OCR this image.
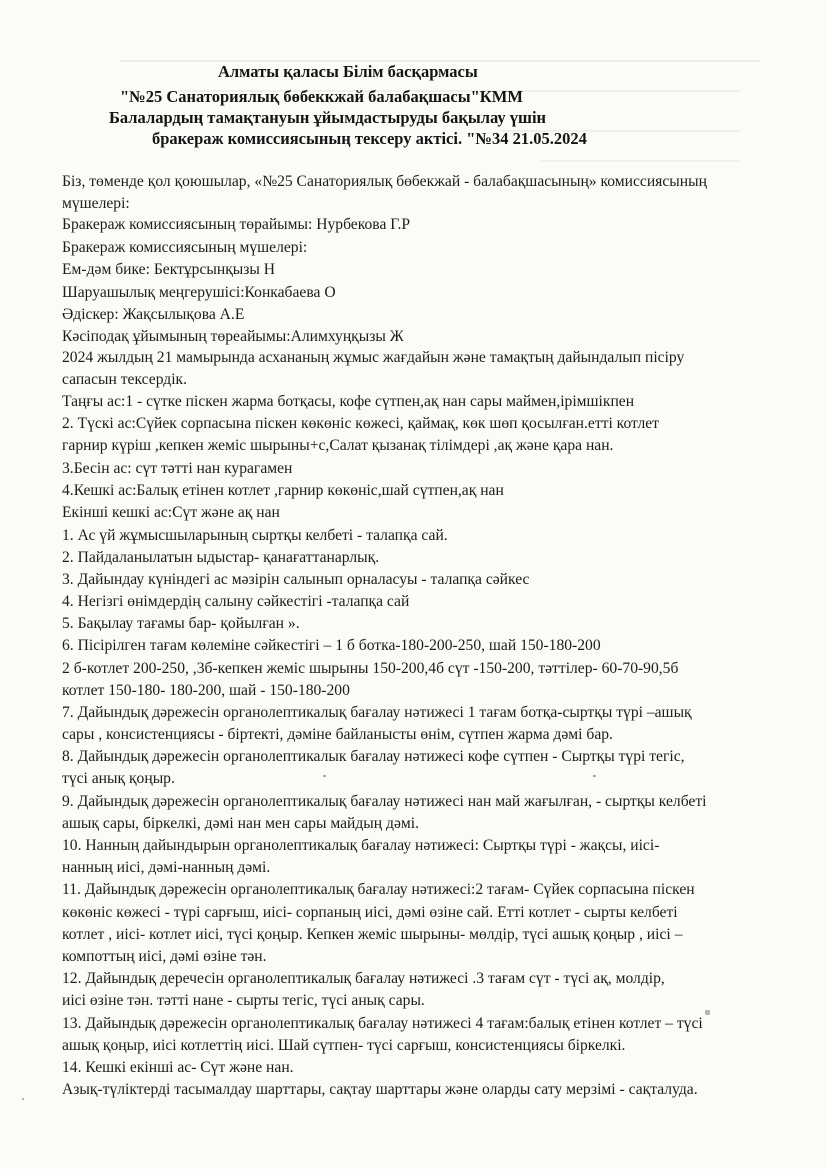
Алматы қаласы Білім басқармасы
"№25 Санаториялық бөбеккжай балабақшасы"КММ
Балалардың тамақтануын ұйымдастыруды бақылау үшін
бракераж комиссиясының тексеру актісі. "№34 21.05.2024
Біз, төменде қол қоюшылар, «№25 Санаториялық бөбекжай - балабақшасының» комиссиясының
мүшелері:
Бракераж комиссиясының төрайымы: Нурбекова Г.Р
Бракераж комиссиясының мүшелері:
Ем-дәм бике: Бектұрсынқызы Н
Шаруашылық меңгерушісі:Конкабаева О
Әдіскер: Жақсылықова А.Е
Кәсіподақ ұйымының төреайымы:Алимхуңқызы Ж
2024 жылдың 21 мамырында асхананың жұмыс жағдайын және тамақтың дайындалып пісіру
сапасын тексердік.
Таңғы ас:1 - сүтке піскен жарма ботқасы, кофе сүтпен,ақ нан сары маймен,ірімшікпен
2. Түскі ас:Сүйек сорпасына піскен көкөніс көжесі, қаймақ, көк шөп қосылған.етті котлет
гарнир күріш ,кепкен жеміс шырыны+с,Салат қызанақ тілімдері ,ақ және қара нан.
3.Бесін ас: сүт тәтті нан курагамен
4.Кешкі ас:Балық етінен котлет ,гарнир көкөніс,шай сүтпен,ақ нан
Екінші кешкі ас:Сүт және ақ нан
1. Ас үй жұмысшыларының сыртқы келбеті - талапқа сай.
2. Пайдаланылатын ыдыстар- қанағаттанарлық.
3. Дайындау күніндегі ас мәзірін салынып орналасуы - талапқа сәйкес
4. Негізгі өнімдердің салыну сәйкестігі -талапқа сай
5. Бақылау тағамы бар- қойылған ».
6. Пісірілген тағам көлеміне сәйкестігі – 1 б ботка-180-200-250, шай 150-180-200
2 б-котлет 200-250, ,3б-кепкен жеміс шырыны 150-200,4б сүт -150-200, тәттілер- 60-70-90,5б
котлет 150-180- 180-200, шай - 150-180-200
7. Дайындық дәрежесін органолептикалық бағалау нәтижесі 1 тағам ботқа-сыртқы түрі –ашық
сары , консистенциясы - біртекті, дәміне байланысты өнім, сүтпен жарма дәмі бар.
8. Дайындық дәрежесін органолептикалык бағалау нәтижесі кофе сүтпен - Сыртқы түрі тегіс,
түсі анық қоңыр.
9. Дайындық дәрежесін органолептикалық бағалау нәтижесі нан май жағылған, - сыртқы келбеті
ашық сары, біркелкі, дәмі нан мен сары майдың дәмі.
10. Нанның дайындырын органолептикалық бағалау нәтижесі: Сыртқы түрі - жақсы, иісі-
нанның иісі, дәмі-нанның дәмі.
11. Дайындық дәрежесін органолептикалық бағалау нәтижесі:2 тағам- Сүйек сорпасына піскен
көкөніс көжесі - түрі сарғыш, иісі- сорпаның иісі, дәмі өзіне сай. Етті котлет - сырты келбеті
котлет , иісі- котлет иісі, түсі қоңыр. Кепкен жеміс шырыны- мөлдір, түсі ашық қоңыр , иісі –
компоттың иісі, дәмі өзіне тән.
12. Дайындық деречесін органолептикалық бағалау нәтижесі .3 тағам сүт - түсі ақ, молдір,
иісі өзіне тән. тәтті нане - сырты тегіс, түсі анық сары.
13. Дайындық дәрежесін органолептикалық бағалау нәтижесі 4 тағам:балық етінен котлет – түсі
ашық қоңыр, иісі котлеттің иісі. Шай сүтпен- түсі сарғыш, консистенциясы біркелкі.
14. Кешкі екінші ас- Сүт және нан.
Азық-түліктерді тасымалдау шарттары, сақтау шарттары және оларды сату мерзімі - сақталуда.
